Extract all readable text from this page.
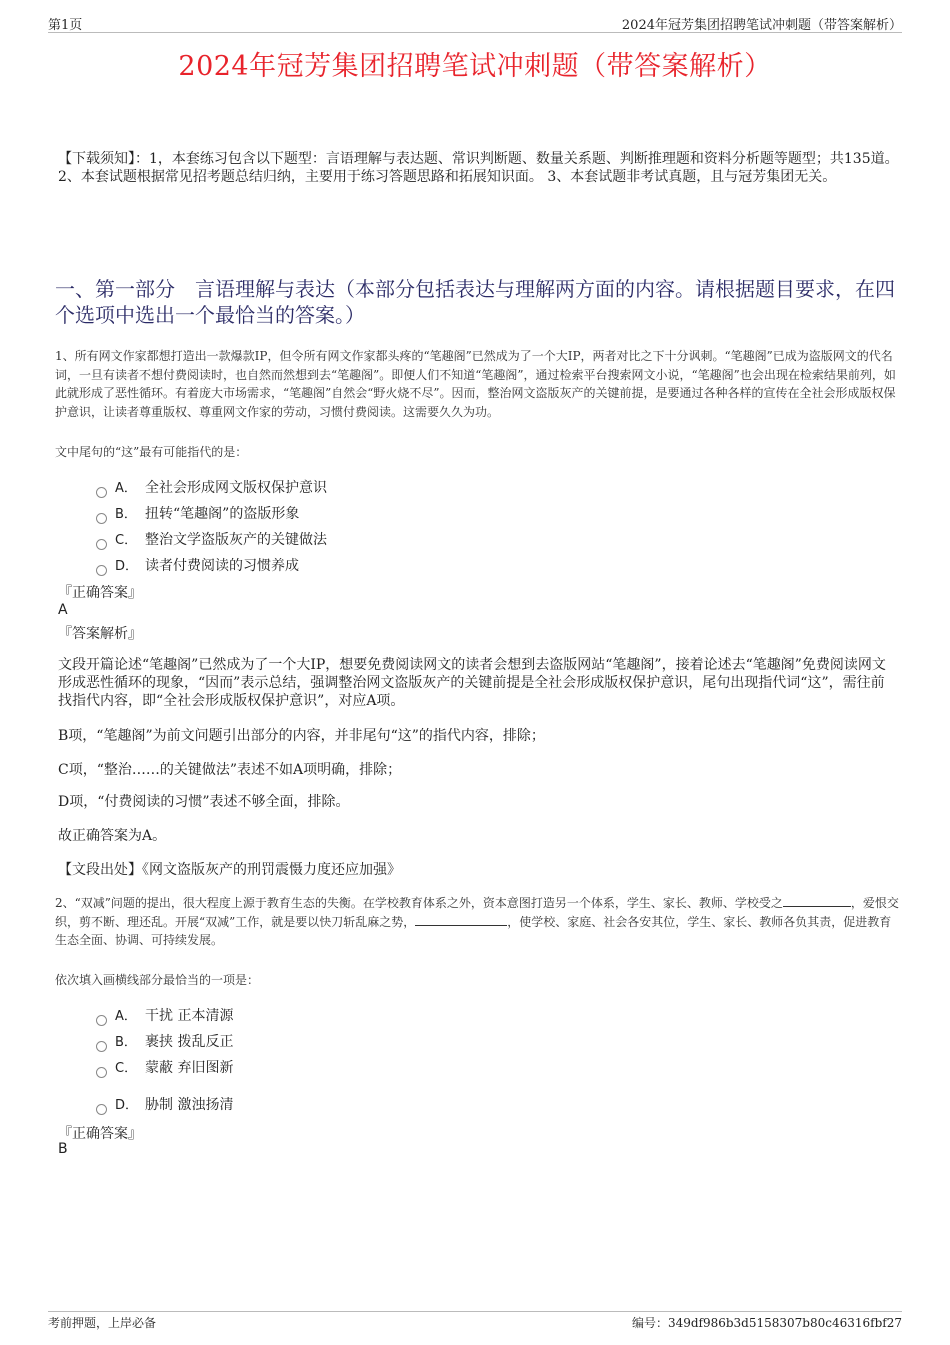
第1页	2024年冠芳集团招聘笔试冲刺题（带答案解析）
2024年冠芳集团招聘笔试冲刺题（带答案解析）
【下载须知】：1，本套练习包含以下题型：言语理解与表达题、常识判断题、数量关系题、判断推理题和资料分析题等题型；共135道。 2、本套试题根据常见招考题总结归纳，主要用于练习答题思路和拓展知识面。 3、本套试题非考试真题，且与冠芳集团无关。
一、第一部分　言语理解与表达（本部分包括表达与理解两方面的内容。请根据题目要求，在四个选项中选出一个最恰当的答案。）
1、所有网文作家都想打造出一款爆款IP，但令所有网文作家都头疼的“笔趣阁”已然成为了一个大IP，两者对比之下十分讽刺。“笔趣阁”已成为盗版网文的代名词，一旦有读者不想付费阅读时，也自然而然想到去“笔趣阁”。即便人们不知道“笔趣阁”，通过检索平台搜索网文小说，“笔趣阁”也会出现在检索结果前列，如此就形成了恶性循环。有着庞大市场需求，“笔趣阁”自然会“野火烧不尽”。因而，整治网文盗版灰产的关键前提，是要通过各种各样的宣传在全社会形成版权保护意识，让读者尊重版权、尊重网文作家的劳动，习惯付费阅读。这需要久久为功。
文中尾句的“这”最有可能指代的是：
A． 全社会形成网文版权保护意识
B． 扭转“笔趣阁”的盗版形象
C． 整治文学盗版灰产的关键做法
D． 读者付费阅读的习惯养成
『正确答案』
A
『答案解析』
文段开篇论述“笔趣阁”已然成为了一个大IP，想要免费阅读网文的读者会想到去盗版网站“笔趣阁”，接着论述去“笔趣阁”免费阅读网文形成恶性循环的现象，“因而”表示总结，强调整治网文盗版灰产的关键前提是全社会形成版权保护意识，尾句出现指代词“这”，需往前找指代内容，即“全社会形成版权保护意识”，对应A项。
B项，“笔趣阁”为前文问题引出部分的内容，并非尾句“这”的指代内容，排除；
C项，“整治……的关键做法”表述不如A项明确，排除；
D项，“付费阅读的习惯”表述不够全面，排除。
故正确答案为A。
【文段出处】《网文盗版灰产的刑罚震慑力度还应加强》
2、“双减”问题的提出，很大程度上源于教育生态的失衡。在学校教育体系之外，资本意图打造另一个体系，学生、家长、教师、学校受之	，爱恨交织，剪不断、理还乱。开展“双减”工作，就是要以快刀斩乱麻之势，	，使学校、家庭、社会各安其位，学生、家长、教师各负其责，促进教育生态全面、协调、可持续发展。
依次填入画横线部分最恰当的一项是：
A． 干扰 正本清源
B． 裹挟 拨乱反正
C． 蒙蔽 弃旧图新
D． 胁制 激浊扬清
『正确答案』
B
考前押题，上岸必备	编号：349df986b3d5158307b80c46316fbf27
